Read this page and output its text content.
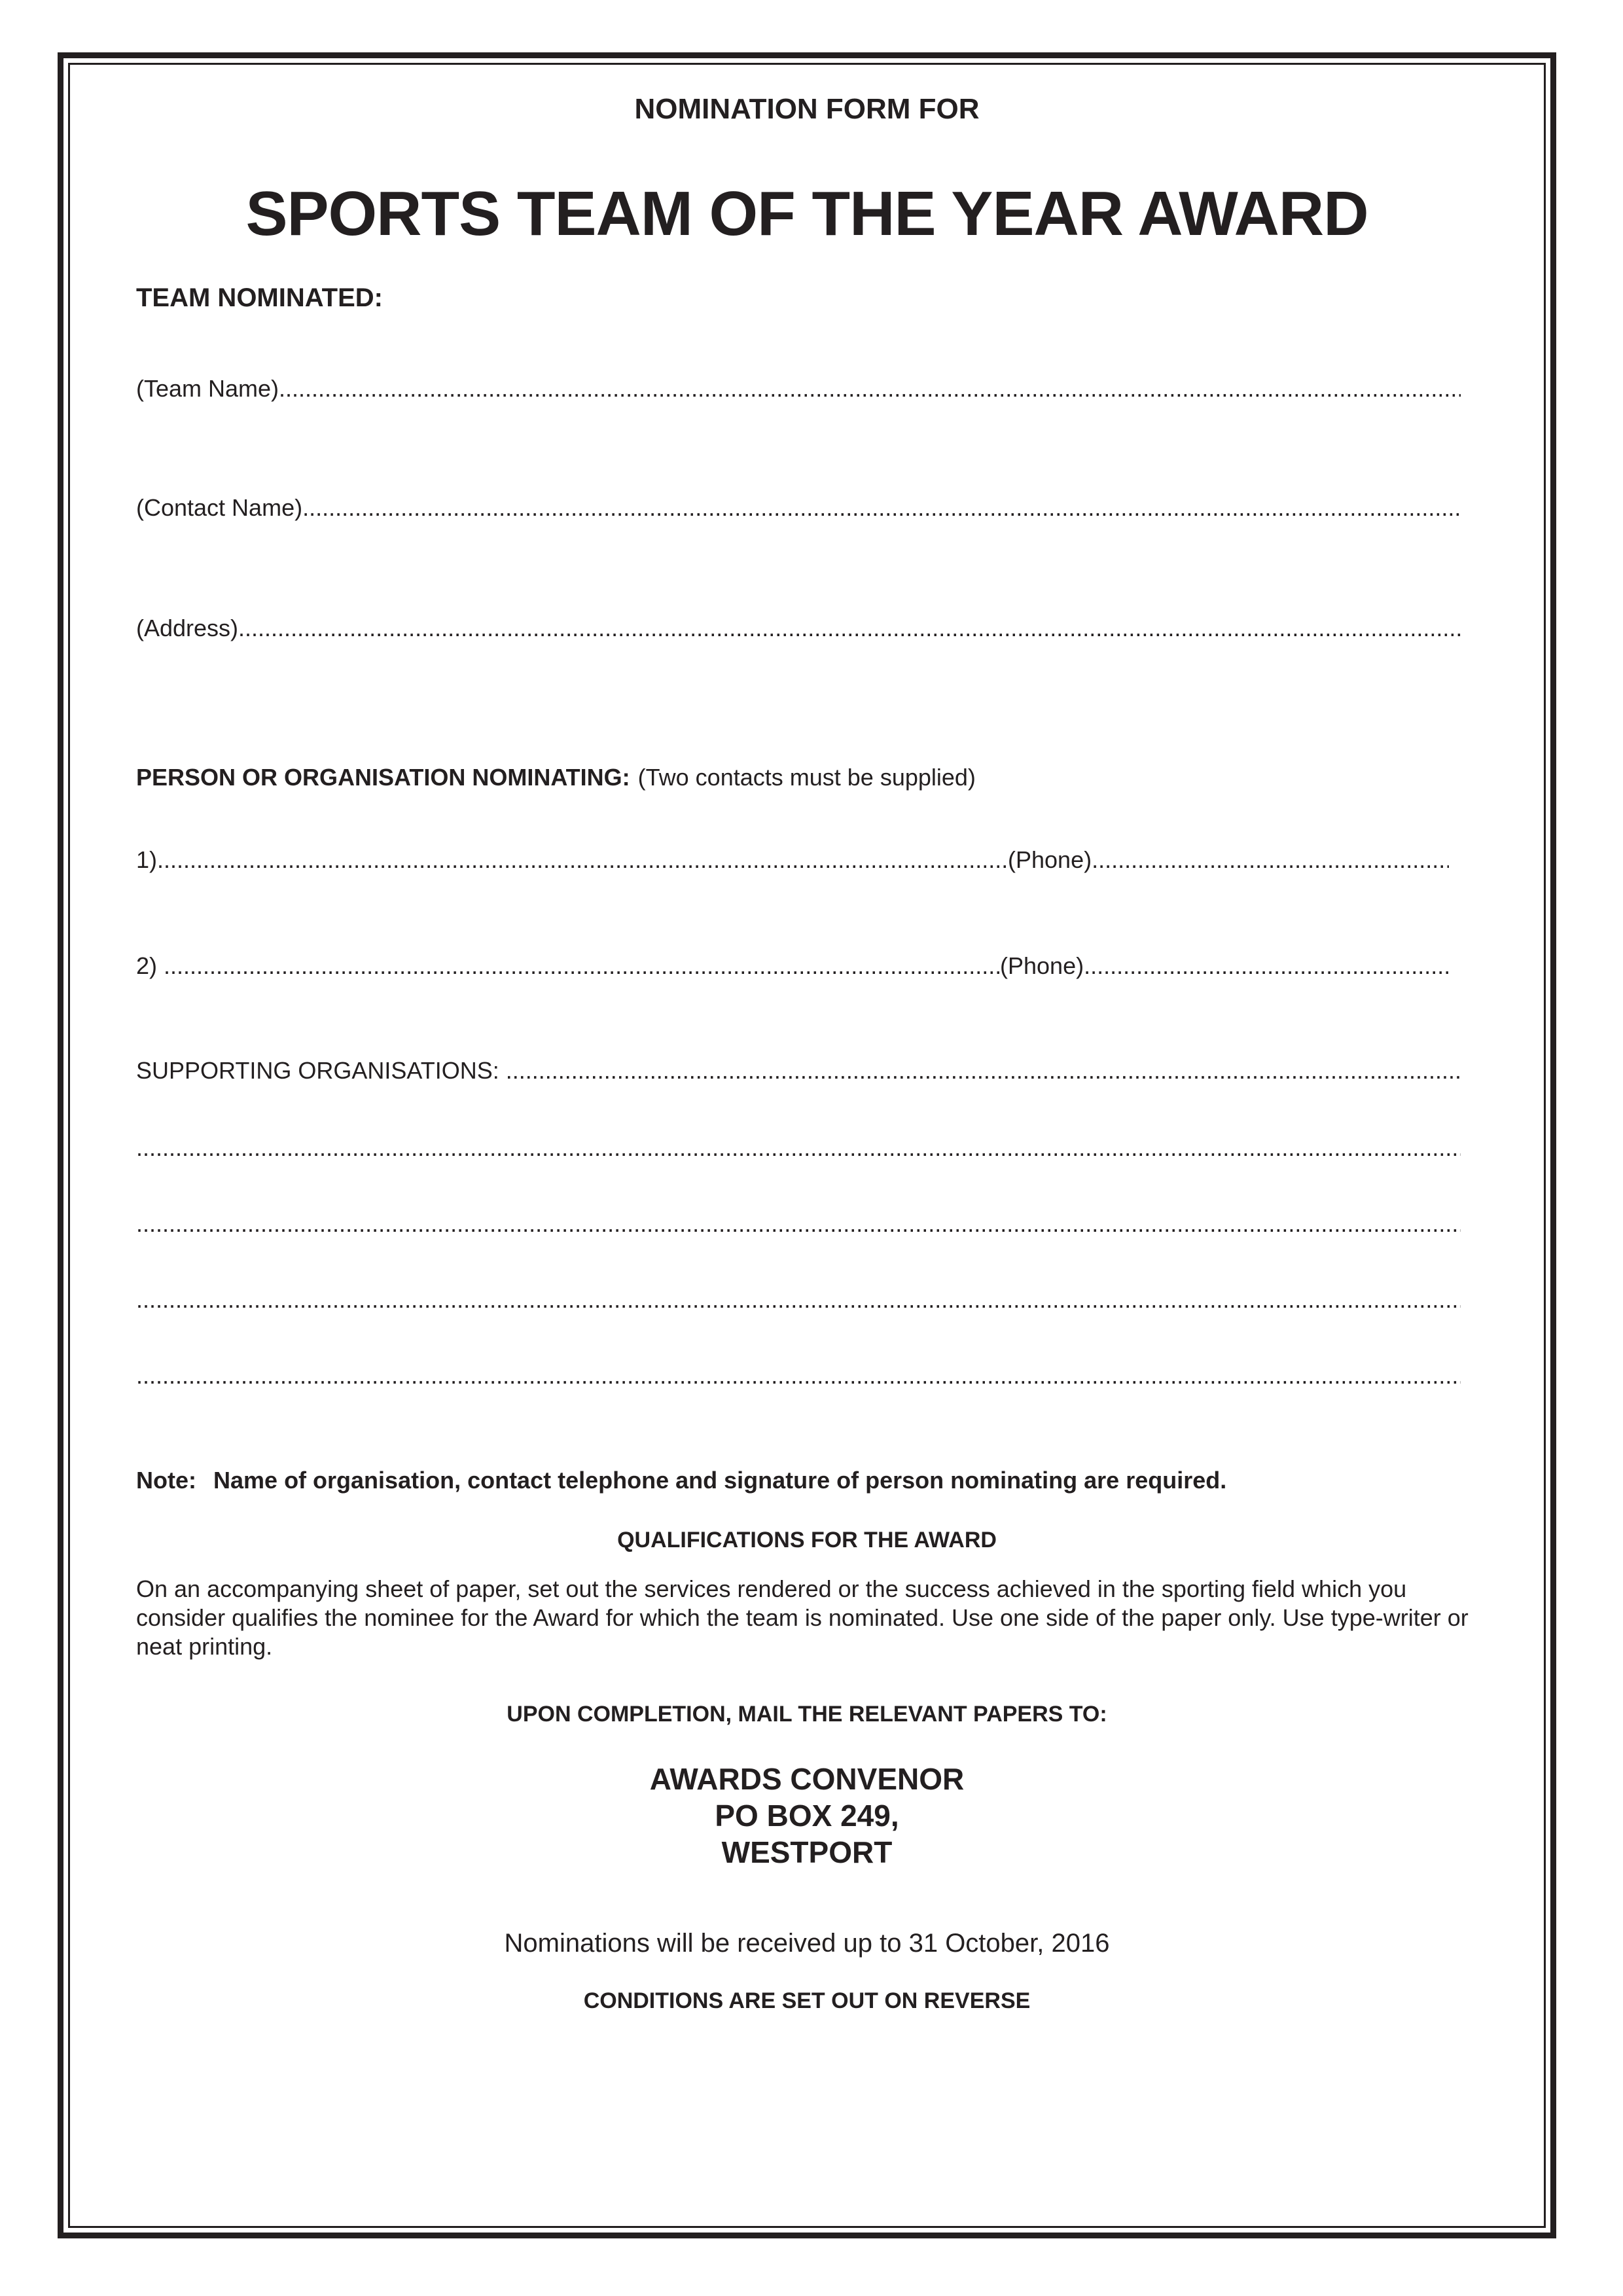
NOMINATION FORM FOR
SPORTS TEAM OF THE YEAR AWARD
TEAM NOMINATED:
(Team Name)
.....
(Contact Name)
.....
(Address)
.....
PERSON OR ORGANISATION NOMINATING: (Two contacts must be supplied)
1) .....	(Phone)
.....
2) .....	(Phone)
.....
SUPPORTING ORGANISATIONS:
.....
.....
.....
.....
.....
Note: Name of organisation, contact telephone and signature of person nominating are required.
QUALIFICATIONS FOR THE AWARD
On an accompanying sheet of paper, set out the services rendered or the success achieved in the sporting field which you consider qualifies the nominee for the Award for which the team is nominated. Use one side of the paper only. Use type-writer or neat printing.
UPON COMPLETION, MAIL THE RELEVANT PAPERS TO:
AWARDS CONVENOR
PO BOX 249,
WESTPORT
Nominations will be received up to 31 October, 2016
CONDITIONS ARE SET OUT ON REVERSE
